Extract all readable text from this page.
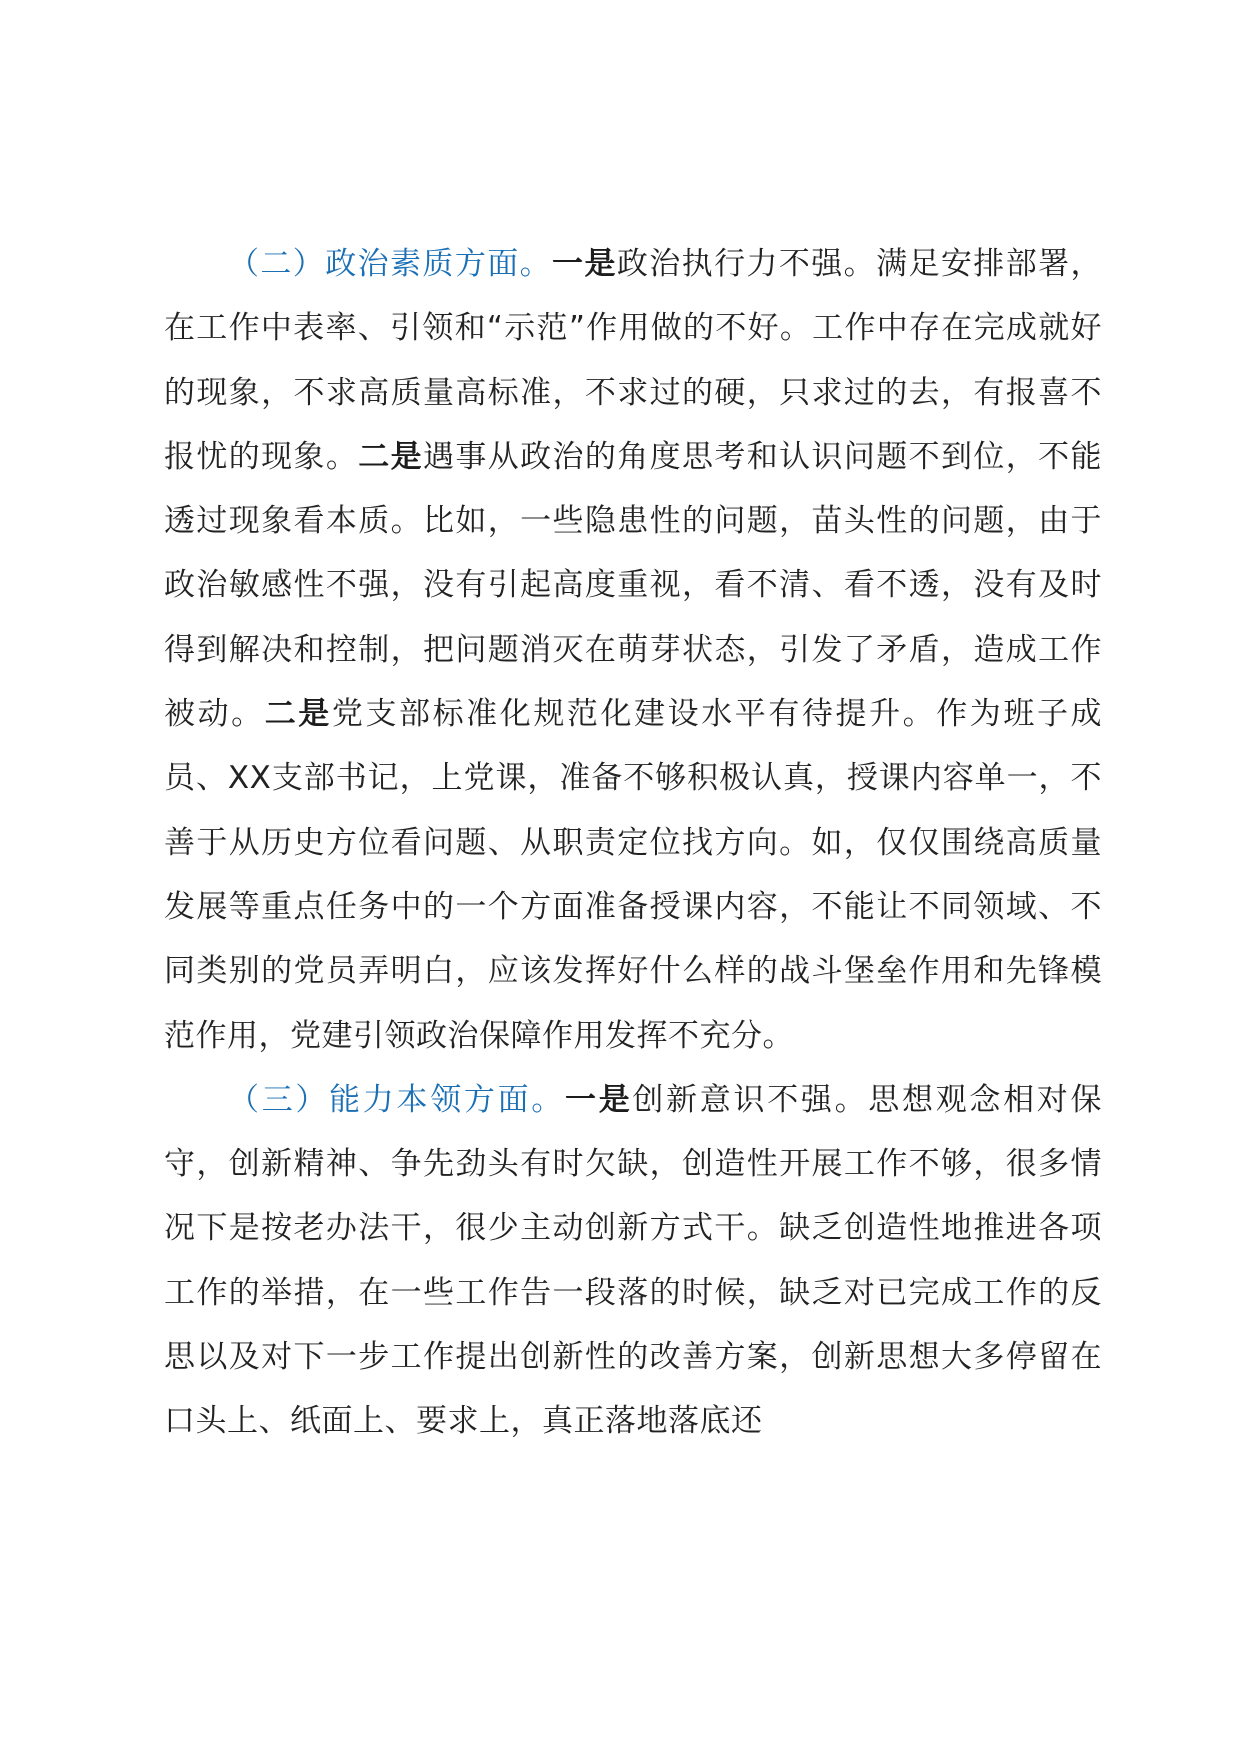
（二）政治素质方面。一是政治执行力不强。满足安排部署，在工作中表率、引领和“示范”作用做的不好。工作中存在完成就好的现象，不求高质量高标准，不求过的硬，只求过的去，有报喜不报忧的现象。二是遇事从政治的角度思考和认识问题不到位，不能透过现象看本质。比如，一些隐患性的问题，苗头性的问题，由于政治敏感性不强，没有引起高度重视，看不清、看不透，没有及时得到解决和控制，把问题消灭在萌芽状态，引发了矛盾，造成工作被动。二是党支部标准化规范化建设水平有待提升。作为班子成员、XX支部书记，上党课，准备不够积极认真，授课内容单一，不善于从历史方位看问题、从职责定位找方向。如，仅仅围绕高质量发展等重点任务中的一个方面准备授课内容，不能让不同领域、不同类别的党员弄明白，应该发挥好什么样的战斗堡垒作用和先锋模范作用，党建引领政治保障作用发挥不充分。

（三）能力本领方面。一是创新意识不强。思想观念相对保守，创新精神、争先劲头有时欠缺，创造性开展工作不够，很多情况下是按老办法干，很少主动创新方式干。缺乏创造性地推进各项工作的举措，在一些工作告一段落的时候，缺乏对已完成工作的反思以及对下一步工作提出创新性的改善方案，创新思想大多停留在口头上、纸面上、要求上，真正落地落底还
